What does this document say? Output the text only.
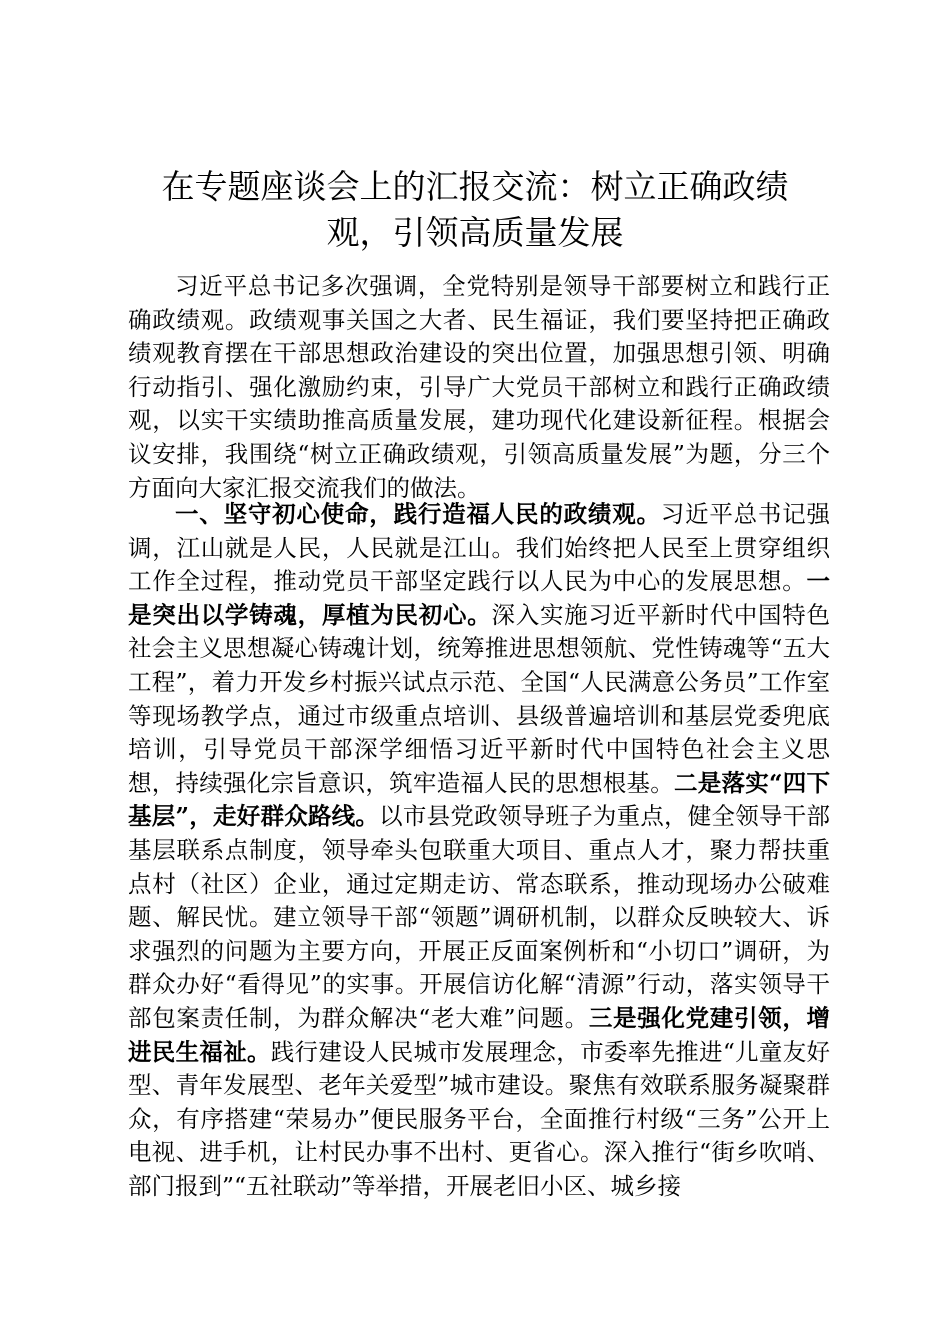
在专题座谈会上的汇报交流：树立正确政绩
观，引领高质量发展

习近平总书记多次强调，全党特别是领导干部要树立和践行正确政绩观。政绩观事关国之大者、民生福证，我们要坚持把正确政绩观教育摆在干部思想政治建设的突出位置，加强思想引领、明确行动指引、强化激励约束，引导广大党员干部树立和践行正确政绩观，以实干实绩助推高质量发展，建功现代化建设新征程。根据会议安排，我围绕“树立正确政绩观，引领高质量发展”为题，分三个方面向大家汇报交流我们的做法。

一、坚守初心使命，践行造福人民的政绩观。习近平总书记强调，江山就是人民，人民就是江山。我们始终把人民至上贯穿组织工作全过程，推动党员干部坚定践行以人民为中心的发展思想。一是突出以学铸魂，厚植为民初心。深入实施习近平新时代中国特色社会主义思想凝心铸魂计划，统筹推进思想领航、党性铸魂等“五大工程”，着力开发乡村振兴试点示范、全国“人民满意公务员”工作室等现场教学点，通过市级重点培训、县级普遍培训和基层党委兜底培训，引导党员干部深学细悟习近平新时代中国特色社会主义思想，持续强化宗旨意识，筑牢造福人民的思想根基。二是落实“四下基层”，走好群众路线。以市县党政领导班子为重点，健全领导干部基层联系点制度，领导牵头包联重大项目、重点人才，聚力帮扶重点村（社区）企业，通过定期走访、常态联系，推动现场办公破难题、解民忧。建立领导干部“领题”调研机制，以群众反映较大、诉求强烈的问题为主要方向，开展正反面案例析和“小切口”调研，为群众办好“看得见”的实事。开展信访化解“清源”行动，落实领导干部包案责任制，为群众解决“老大难”问题。三是强化党建引领，增进民生福祉。践行建设人民城市发展理念，市委率先推进“儿童友好型、青年发展型、老年关爱型”城市建设。聚焦有效联系服务凝聚群众，有序搭建“荣易办”便民服务平台，全面推行村级“三务”公开上电视、进手机，让村民办事不出村、更省心。深入推行“街乡吹哨、部门报到”“五社联动”等举措，开展老旧小区、城乡接
